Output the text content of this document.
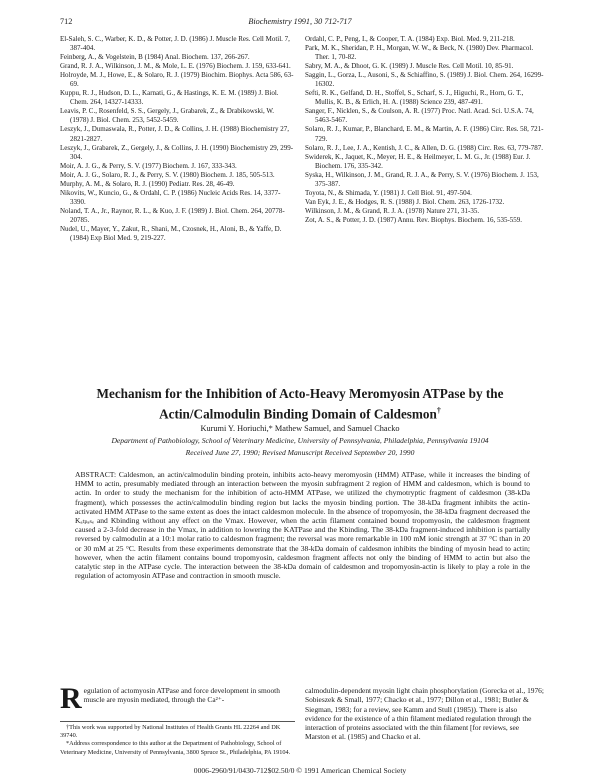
712	Biochemistry 1991, 30 712-717
El-Saleh, S. C., Warber, K. D., & Potter, J. D. (1986) J. Muscle Res. Cell Motil. 7, 387-404.
Feinberg, A., & Vogelstein, B (1984) Anal. Biochem. 137, 266-267.
Grand, R. J. A., Wilkinson, J. M., & Mole, L. E. (1976) Biochem. J. 159, 633-641.
Holroyde, M. J., Howe, E., & Solaro, R. J. (1979) Biochim. Biophys. Acta 586, 63-69.
Kuppu, R. J., Hudson, D. L., Karnati, G., & Hastings, K. E. M. (1989) J. Biol. Chem. 264, 14327-14333.
Leavis, P. C., Rosenfeld, S. S., Gergely, J., Grabarek, Z., & Drabikowski, W. (1978) J. Biol. Chem. 253, 5452-5459.
Leszyk, J., Dumaswala, R., Potter, J. D., & Collins, J. H. (1988) Biochemistry 27, 2821-2827.
Leszyk, J., Grabarek, Z., Gergely, J., & Collins, J. H. (1990) Biochemistry 29, 299-304.
Moir, A. J. G., & Perry, S. V. (1977) Biochem. J. 167, 333-343.
Moir, A. J. G., Solaro, R. J., & Perry, S. V. (1980) Biochem. J. 185, 505-513.
Murphy, A. M., & Solaro, R. J. (1990) Pediatr. Res. 28, 46-49.
Nikovits, W., Kuncio, G., & Ordahl, C. P. (1986) Nucleic Acids Res. 14, 3377-3390.
Noland, T. A., Jr., Raynor, R. L., & Kuo, J. F. (1989) J. Biol. Chem. 264, 20778-20785.
Nudel, U., Mayer, Y., Zakut, R., Shani, M., Czosnek, H., Aloni, B., & Yaffe, D. (1984) Exp Biol Med. 9, 219-227.
Ordahl, C. P., Peng, I., & Cooper, T. A. (1984) Exp. Biol. Med. 9, 211-218.
Park, M. K., Sheridan, P. H., Morgan, W. W., & Beck, N. (1980) Dev. Pharmacol. Ther. 1, 70-82.
Sabry, M. A., & Dhoot, G. K. (1989) J. Muscle Res. Cell Motil. 10, 85-91.
Saggin, L., Gorza, L., Ausoni, S., & Schiaffino, S. (1989) J. Biol. Chem. 264, 16299-16302.
Sefti, R. K., Gelfand, D. H., Stoffel, S., Scharf, S. J., Higuchi, R., Horn, G. T., Mullis, K. B., & Erlich, H. A. (1988) Science 239, 487-491.
Sanger, F., Nicklen, S., & Coulson, A. R. (1977) Proc. Natl. Acad. Sci. U.S.A. 74, 5463-5467.
Solaro, R. J., Kumar, P., Blanchard, E. M., & Martin, A. F. (1986) Circ. Res. 58, 721-729.
Solaro, R. J., Lee, J. A., Kentish, J. C., & Allen, D. G. (1988) Circ. Res. 63, 779-787.
Swiderek, K., Jaquet, K., Meyer, H. E., & Heilmeyer, L. M. G., Jr. (1988) Eur. J. Biochem. 176, 335-342.
Syska, H., Wilkinson, J. M., Grand, R. J. A., & Perry, S. V. (1976) Biochem. J. 153, 375-387.
Toyota, N., & Shimada, Y. (1981) J. Cell Biol. 91, 497-504.
Van Eyk, J. E., & Hodges, R. S. (1988) J. Biol. Chem. 263, 1726-1732.
Wilkinson, J. M., & Grand, R. J. A. (1978) Nature 271, 31-35.
Zot, A. S., & Potter, J. D. (1987) Annu. Rev. Biophys. Biochem. 16, 535-559.
Mechanism for the Inhibition of Acto-Heavy Meromyosin ATPase by the
Actin/Calmodulin Binding Domain of Caldesmon†
Kurumi Y. Horiuchi,* Mathew Samuel, and Samuel Chacko
Department of Pathobiology, School of Veterinary Medicine, University of Pennsylvania, Philadelphia, Pennsylvania 19104
Received June 27, 1990; Revised Manuscript Received September 20, 1990
ABSTRACT: Caldesmon, an actin/calmodulin binding protein, inhibits acto-heavy meromyosin (HMM) ATPase, while it increases the binding of HMM to actin, presumably mediated through an interaction between the myosin subfragment 2 region of HMM and caldesmon, which is bound to actin. In order to study the mechanism for the inhibition of acto-HMM ATPase, we utilized the chymotryptic fragment of caldesmon (38-kDa fragment), which possesses the actin/calmodulin binding region but lacks the myosin binding portion. The 38-kDa fragment inhibits the actin-activated HMM ATPase to the same extent as does the intact caldesmon molecule. In the absence of tropomyosin, the 38-kDa fragment decreased the Kₐₜₚₐₛₑ and Kbinding without any effect on the Vmax. However, when the actin filament contained bound tropomyosin, the caldesmon fragment caused a 2-3-fold decrease in the Vmax, in addition to lowering the KATPase and the Kbinding. The 38-kDa fragment-induced inhibition is partially reversed by calmodulin at a 10:1 molar ratio to caldesmon fragment; the reversal was more remarkable in 100 mM ionic strength at 37 °C than in 20 or 30 mM at 25 °C. Results from these experiments demonstrate that the 38-kDa domain of caldesmon inhibits the binding of myosin head to actin; however, when the actin filament contains bound tropomyosin, caldesmon fragment affects not only the binding of HMM to actin but also the catalytic step in the ATPase cycle. The interaction between the 38-kDa domain of caldesmon and tropomyosin-actin is likely to play a role in the regulation of actomyosin ATPase and contraction in smooth muscle.
R egulation of actomyosin ATPase and force development in smooth muscle are myosin mediated, through the Ca²⁺-
†This work was supported by National Institutes of Health Grants HL 22264 and DK 39740.
*Address correspondence to this author at the Department of Pathobiology, School of Veterinary Medicine, University of Pennsylvania, 3800 Spruce St., Philadelphia, PA 19104.
calmodulin-dependent myosin light chain phosphorylation (Gorecka et al., 1976; Sobieszek & Small, 1977; Chacko et al., 1977; Dillon et al., 1981; Butler & Siegman, 1983; for a review, see Kamm and Stull (1985)). There is also evidence for the existence of a thin filament mediated regulation through the interaction of proteins associated with the thin filament [for reviews, see Marston et al. (1985) and Chacko et al.
0006-2960/91/0430-712$02.50/0 © 1991 American Chemical Society
